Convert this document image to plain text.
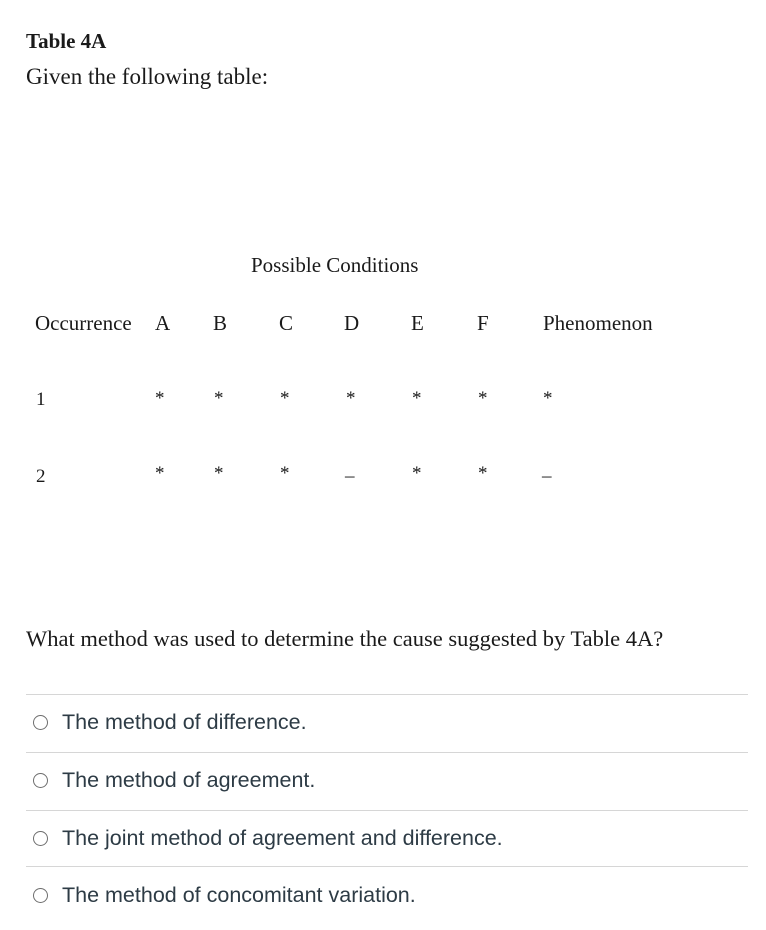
Table 4A
Given the following table:
Possible Conditions
Occurrence A B C D E	F	Phenomenon
1	*	*	*	*	*	*	*
2	*	*	*	_	*	*	_
What method was used to determine the cause suggested by Table 4A?
The method of difference.
The method of agreement.
The joint method of agreement and difference.
The method of concomitant variation.
